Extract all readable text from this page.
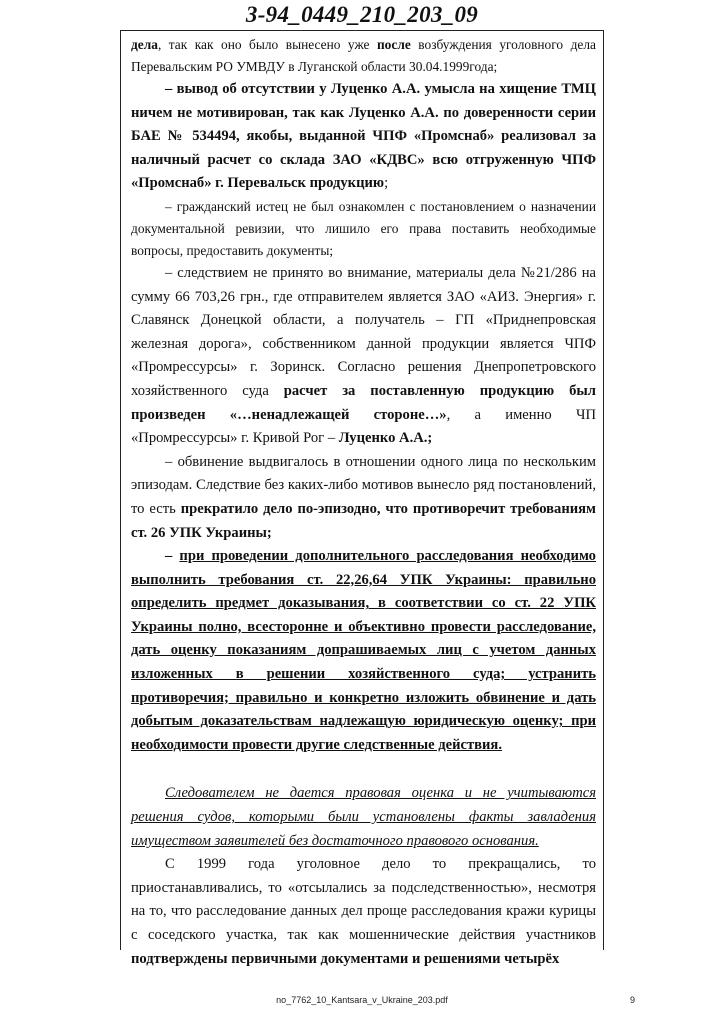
3-94_0449_210_203_09

дела, так как оно было вынесено уже после возбуждения уголовного дела Перевальским РО УМВДУ в Луганской области 30.04.1999года;

– вывод об отсутствии у Луценко А.А. умысла на хищение ТМЦ ничем не мотивирован, так как Луценко А.А. по доверенности серии БАЕ № 534494, якобы, выданной ЧПФ «Промснаб» реализовал за наличный расчет со склада ЗАО «КДВС» всю отгруженную ЧПФ «Промснаб» г. Перевальск продукцию;

– гражданский истец не был ознакомлен с постановлением о назначении документальной ревизии, что лишило его права поставить необходимые вопросы, предоставить документы;

– следствием не принято во внимание, материалы дела №21/286 на сумму 66 703,26 грн., где отправителем является ЗАО «АИЗ. Энергия» г. Славянск Донецкой области, а получатель – ГП «Приднепровская железная дорога», собственником данной продукции является ЧПФ «Промрессурсы» г. Зоринск. Согласно решения Днепропетровского хозяйственного суда расчет за поставленную продукцию был произведен «…ненадлежащей стороне…», а именно ЧП «Промрессурсы» г. Кривой Рог – Луценко А.А.;

– обвинение выдвигалось в отношении одного лица по нескольким эпизодам. Следствие без каких-либо мотивов вынесло ряд постановлений, то есть прекратило дело по-эпизодно, что противоречит требованиям ст. 26 УПК Украины;

– при проведении дополнительного расследования необходимо выполнить требования ст. 22,26,64 УПК Украины: правильно определить предмет доказывания, в соответствии со ст. 22 УПК Украины полно, всесторонне и объективно провести расследование, дать оценку показаниям допрашиваемых лиц с учетом данных изложенных в решении хозяйственного суда; устранить противоречия; правильно и конкретно изложить обвинение и дать добытым доказательствам надлежащую юридическую оценку; при необходимости провести другие следственные действия.

Следователем не дается правовая оценка и не учитываются решения судов, которыми были установлены факты завладения имуществом заявителей без достаточного правового основания.

С 1999 года уголовное дело то прекращались, то приостанавливались, то «отсылались за подследственностью», несмотря на то, что расследование данных дел проще расследования кражи курицы с соседского участка, так как мошеннические действия участников подтверждены первичными документами и решениями четырёх

no_7762_10_Kantsara_v_Ukraine_203.pdf	9
